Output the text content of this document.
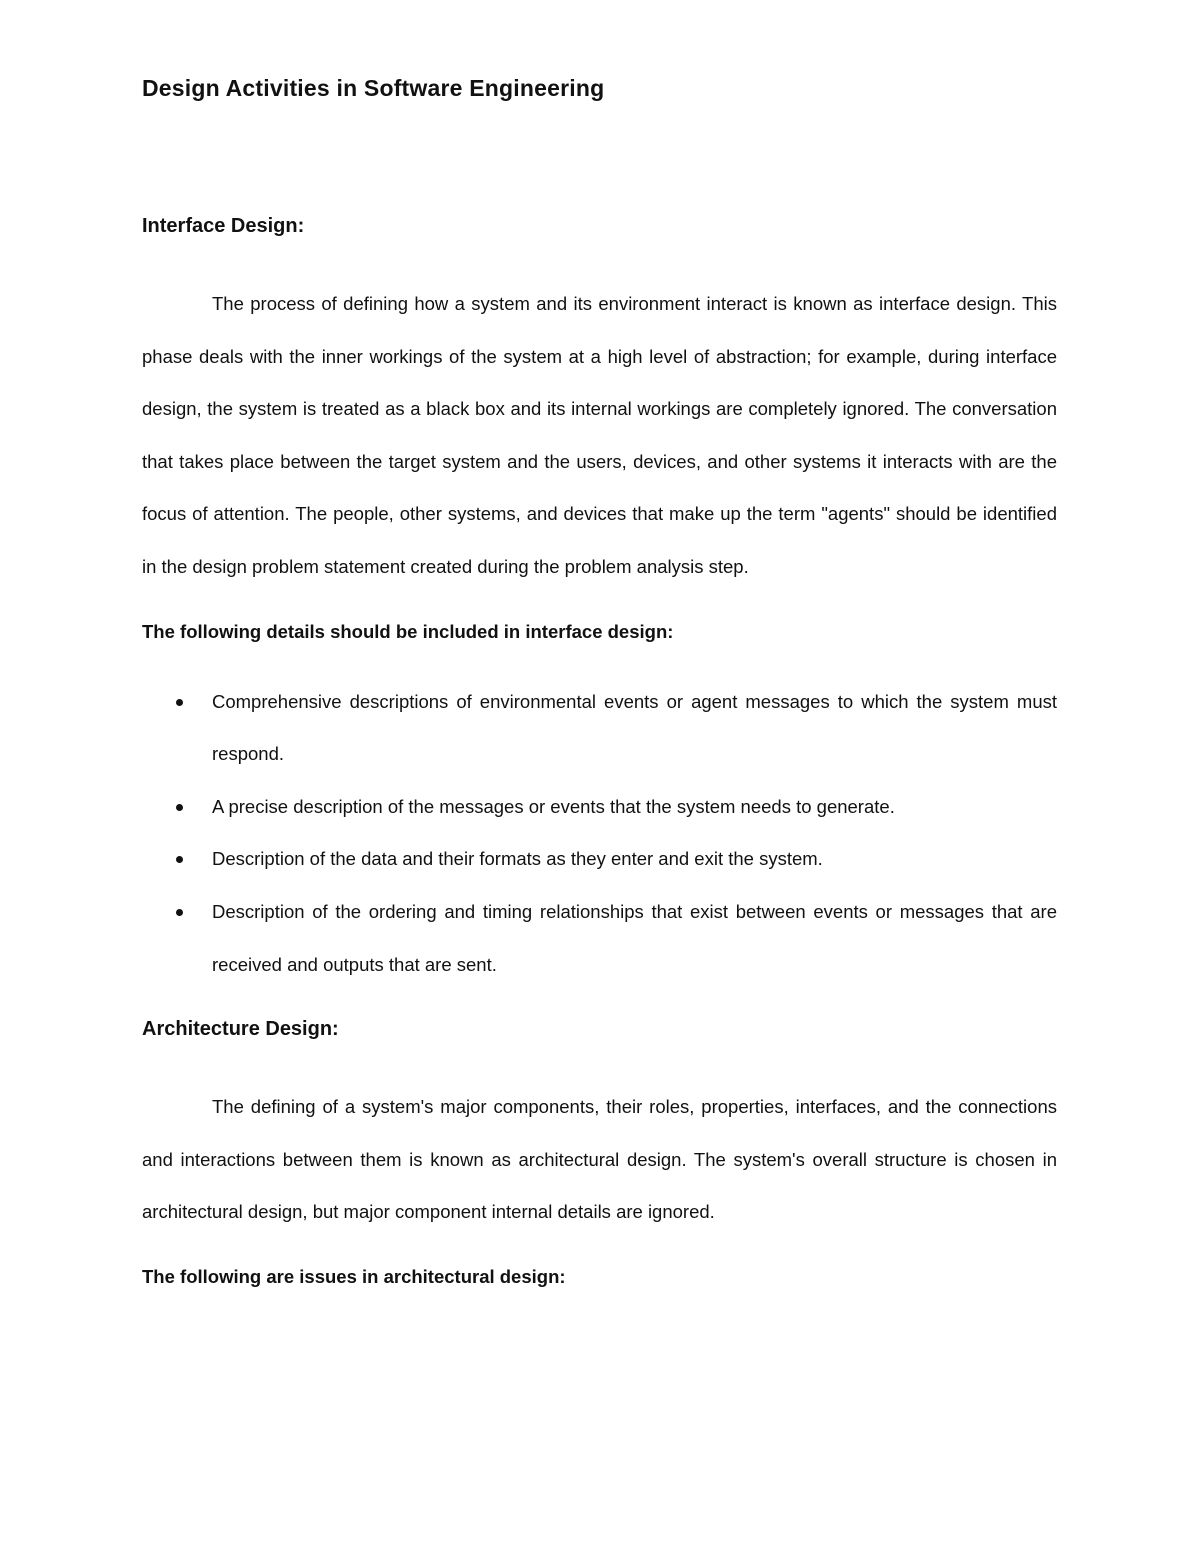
Design Activities in Software Engineering
Interface Design:

The process of defining how a system and its environment interact is known as interface design. This phase deals with the inner workings of the system at a high level of abstraction; for example, during interface design, the system is treated as a black box and its internal workings are completely ignored. The conversation that takes place between the target system and the users, devices, and other systems it interacts with are the focus of attention. The people, other systems, and devices that make up the term "agents" should be identified in the design problem statement created during the problem analysis step.

The following details should be included in interface design:

Comprehensive descriptions of environmental events or agent messages to which the system must respond.
A precise description of the messages or events that the system needs to generate.
Description of the data and their formats as they enter and exit the system.
Description of the ordering and timing relationships that exist between events or messages that are received and outputs that are sent.
Architecture Design:

The defining of a system's major components, their roles, properties, interfaces, and the connections and interactions between them is known as architectural design. The system's overall structure is chosen in architectural design, but major component internal details are ignored.

The following are issues in architectural design:
